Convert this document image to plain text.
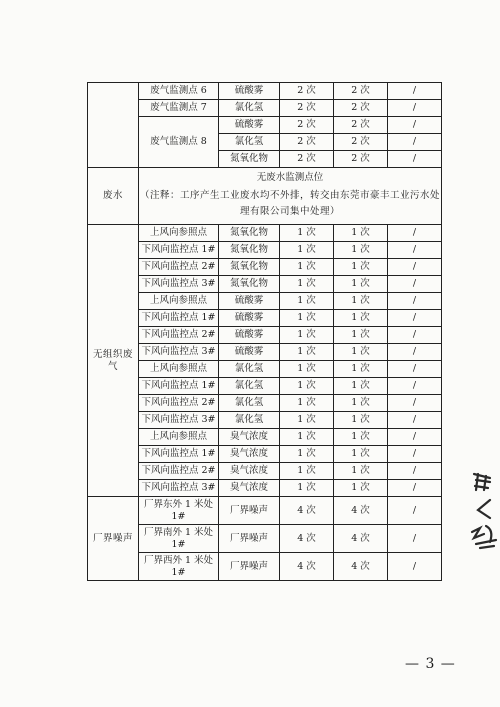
	废气监测点 6	硫酸雾	2 次	2 次	/
	废气监测点 7	氯化氢	2 次	2 次	/
	废气监测点 8	硫酸雾	2 次	2 次	/
		氯化氢	2 次	2 次	/
		氮氧化物	2 次	2 次	/
废水	无废水监测点位
（注释：工序产生工业废水均不外排，转交由东莞市豪丰工业污水处理有限公司集中处理）				

无组织废气	上风向参照点	氮氧化物	1 次	1 次	/
	下风向监控点 1#	氮氧化物	1 次	1 次	/
	下风向监控点 2#	氮氧化物	1 次	1 次	/
	下风向监控点 3#	氮氧化物	1 次	1 次	/
	上风向参照点	硫酸雾	1 次	1 次	/
	下风向监控点 1#	硫酸雾	1 次	1 次	/
	下风向监控点 2#	硫酸雾	1 次	1 次	/
	下风向监控点 3#	硫酸雾	1 次	1 次	/
	上风向参照点	氯化氢	1 次	1 次	/
	下风向监控点 1#	氯化氢	1 次	1 次	/
	下风向监控点 2#	氯化氢	1 次	1 次	/
	下风向监控点 3#	氯化氢	1 次	1 次	/
	上风向参照点	臭气浓度	1 次	1 次	/
	下风向监控点 1#	臭气浓度	1 次	1 次	/
	下风向监控点 2#	臭气浓度	1 次	1 次	/
	下风向监控点 3#	臭气浓度	1 次	1 次	/
厂界噪声	厂界东外 1 米处 1#	厂界噪声	4 次	4 次	/
	厂界南外 1 米处 1#	厂界噪声	4 次	4 次	/
	厂界西外 1 米处 1#	厂界噪声	4 次	4 次	/
— 3 —
